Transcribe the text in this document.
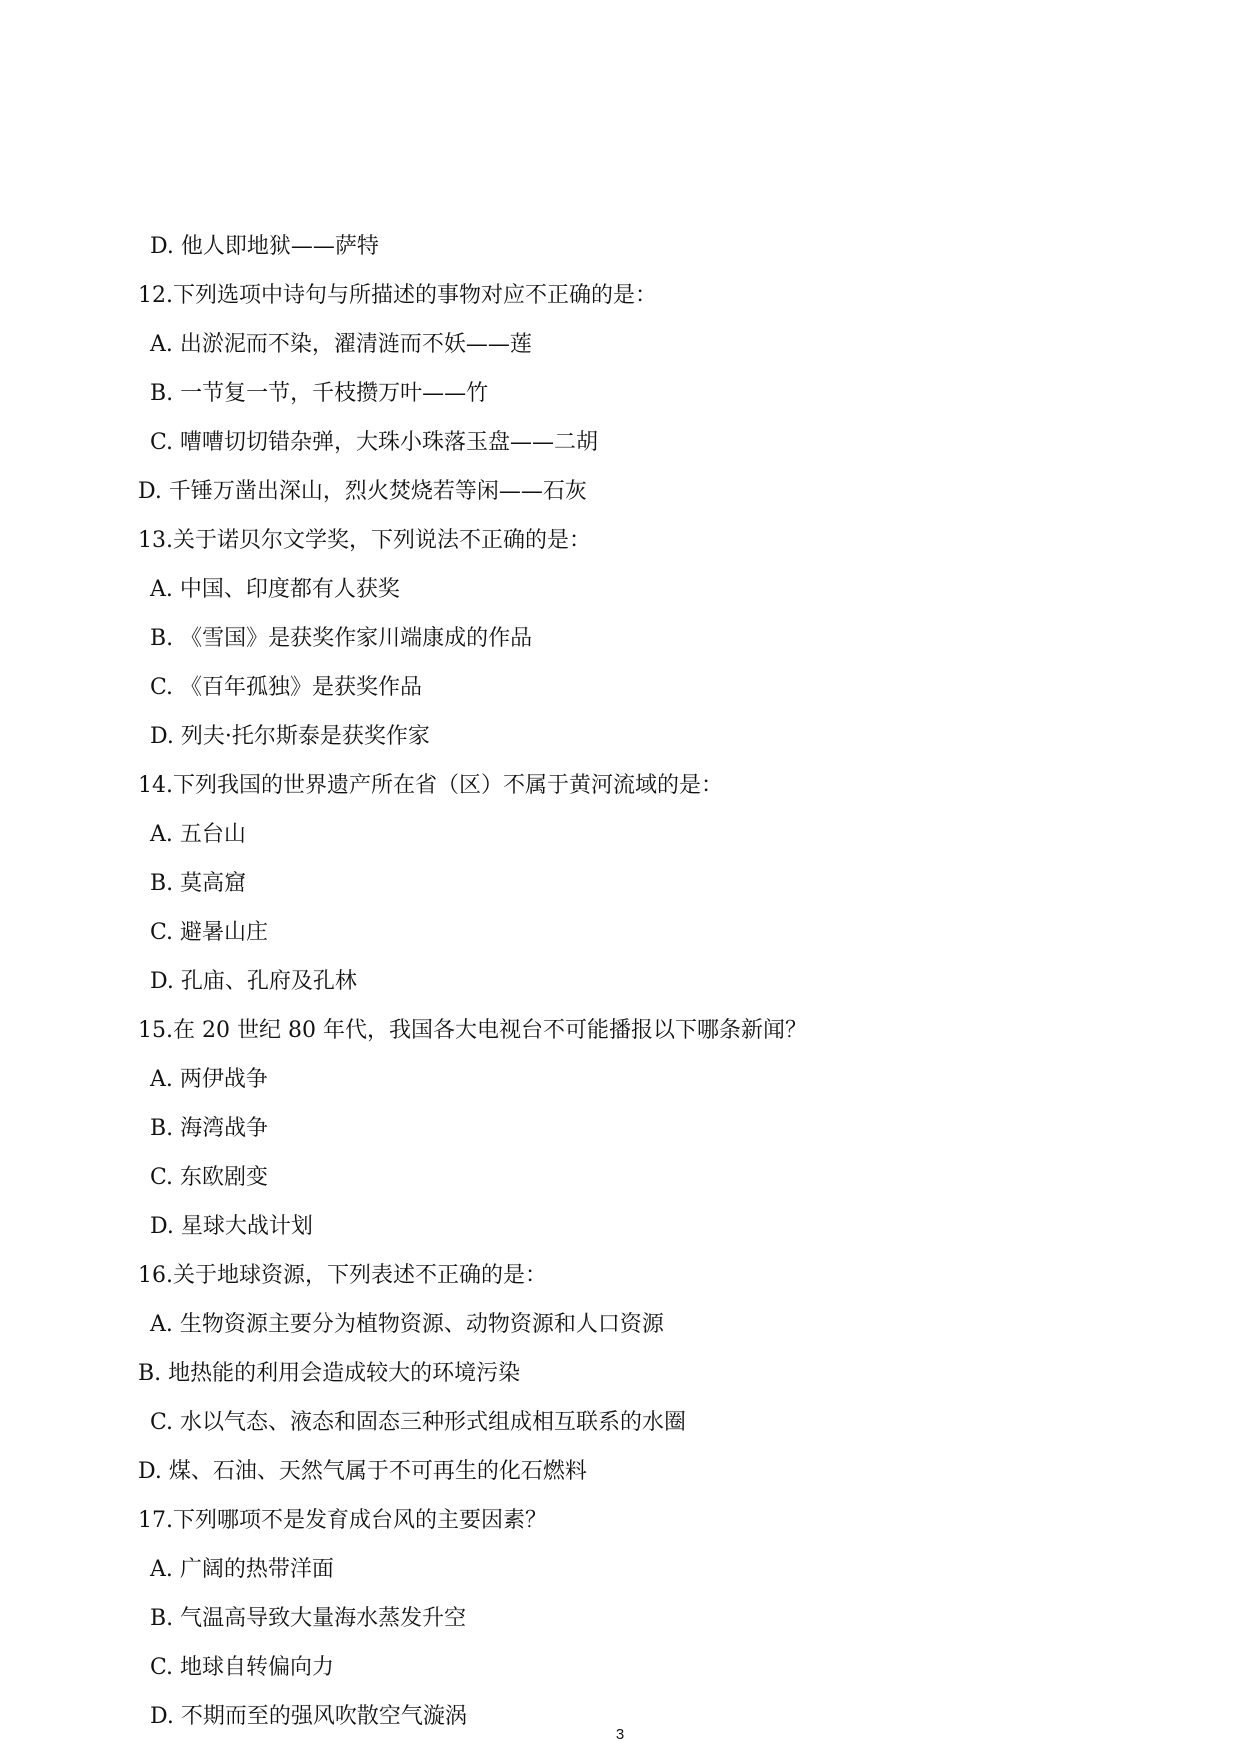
D. 他人即地狱——萨特
12.下列选项中诗句与所描述的事物对应不正确的是：
A. 出淤泥而不染，濯清涟而不妖——莲
B. 一节复一节，千枝攒万叶——竹
C. 嘈嘈切切错杂弹，大珠小珠落玉盘——二胡
D. 千锤万凿出深山，烈火焚烧若等闲——石灰
13.关于诺贝尔文学奖，下列说法不正确的是：
A. 中国、印度都有人获奖
B. 《雪国》是获奖作家川端康成的作品
C. 《百年孤独》是获奖作品
D. 列夫·托尔斯泰是获奖作家
14.下列我国的世界遗产所在省（区）不属于黄河流域的是：
A. 五台山
B. 莫高窟
C. 避暑山庄
D. 孔庙、孔府及孔林
15.在 20 世纪 80 年代，我国各大电视台不可能播报以下哪条新闻？
A. 两伊战争
B. 海湾战争
C. 东欧剧变
D. 星球大战计划
16.关于地球资源，下列表述不正确的是：
A. 生物资源主要分为植物资源、动物资源和人口资源
B. 地热能的利用会造成较大的环境污染
C. 水以气态、液态和固态三种形式组成相互联系的水圈
D. 煤、石油、天然气属于不可再生的化石燃料
17.下列哪项不是发育成台风的主要因素？
A. 广阔的热带洋面
B. 气温高导致大量海水蒸发升空
C. 地球自转偏向力
D. 不期而至的强风吹散空气漩涡
3
